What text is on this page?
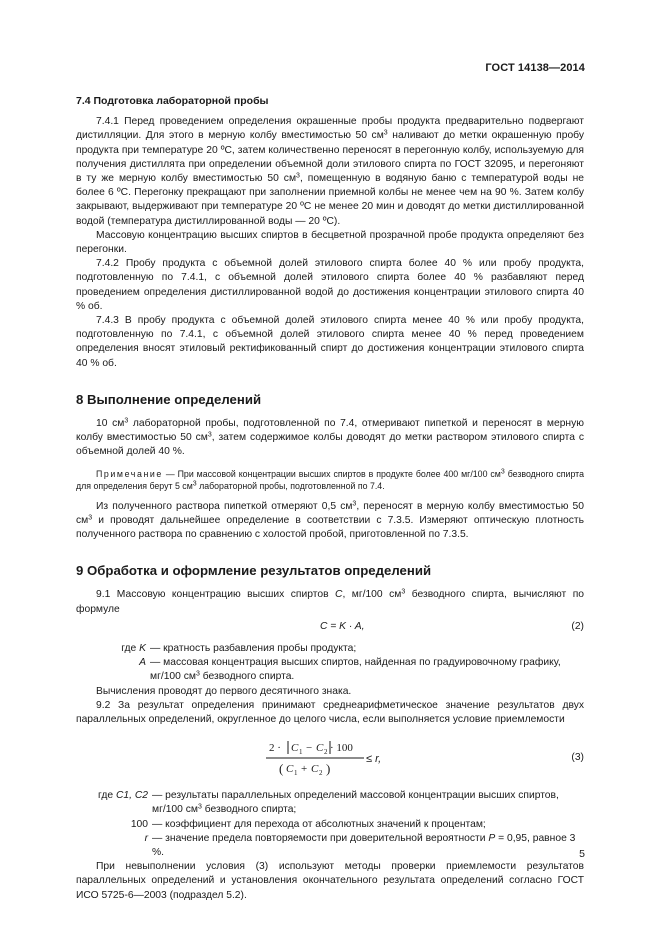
ГОСТ 14138—2014
7.4 Подготовка лабораторной пробы

7.4.1 Перед проведением определения окрашенные пробы продукта предварительно подвергают дистилляции. Для этого в мерную колбу вместимостью 50 $см^3$ наливают до метки окрашенную пробу продукта при температуре 20 ºС, затем количественно переносят в перегонную колбу, используемую для получения дистиллята при определении объемной доли этилового спирта по ГОСТ 32095, и перегоняют в ту же мерную колбу вместимостью 50 $см^3$, помещенную в водяную баню с температурой воды не более 6 ºС. Перегонку прекращают при заполнении приемной колбы не менее чем на 90 %. Затем колбу закрывают, выдерживают при температуре 20 ºС не менее 20 мин и доводят до метки дистиллированной водой (температура дистиллированной воды — 20 ºС).

Массовую концентрацию высших спиртов в бесцветной прозрачной пробе продукта определяют без перегонки.

7.4.2 Пробу продукта с объемной долей этилового спирта более 40 % или пробу продукта, подготовленную по 7.4.1, с объемной долей этилового спирта более 40 % разбавляют перед проведением определения дистиллированной водой до достижения концентрации этилового спирта 40 % об.

7.4.3 В пробу продукта с объемной долей этилового спирта менее 40 % или пробу продукта, подготовленную по 7.4.1, с объемной долей этилового спирта менее 40 % перед проведением определения вносят этиловый ректификованный спирт до достижения концентрации этилового спирта 40 % об.

8 Выполнение определений

10 $см^3$ лабораторной пробы, подготовленной по 7.4, отмеривают пипеткой и переносят в мерную колбу вместимостью 50 $см^3$, затем содержимое колбы доводят до метки раствором этилового спирта с объемной долей 40 %.

Примечание — При массовой концентрации высших спиртов в продукте более 400 мг/100 $см^3$ безводного спирта для определения берут 5 $см^3$ лабораторной пробы, подготовленной по 7.4.

Из полученного раствора пипеткой отмеряют 0,5 $см^3$, переносят в мерную колбу вместимостью 50 $см^3$ и проводят дальнейшее определение в соответствии с 7.3.5. Измеряют оптическую плотность полученного раствора по сравнению с холостой пробой, приготовленной по 7.3.5.

9 Обработка и оформление результатов определений

9.1 Массовую концентрацию высших спиртов C, мг/100 $см^3$ безводного спирта, вычисляют по формуле

C = K · A,	(2)
где K — кратность разбавления пробы продукта;
A — массовая концентрация высших спиртов, найденная по градуировочному графику, мг/100 $см^3$ безводного спирта.

Вычисления проводят до первого десятичного знака.

9.2 За результат определения принимают среднеарифметическое значение результатов двух параллельных определений, округленное до целого числа, если выполняется условие приемлемости

2 · C 1 − C 2 · 100
( C 1 + C 2 )
≤ r,	(3)
где C1, C2 — результаты параллельных определений массовой концентрации высших спиртов, мг/100 $см^3$ безводного спирта;
100 — коэффициент для перехода от абсолютных значений к процентам;
r — значение предела повторяемости при доверительной вероятности P = 0,95, равное 3 %.

При невыполнении условия (3) используют методы проверки приемлемости результатов параллельных определений и установления окончательного результата определений согласно ГОСТ ИСО 5725-6—2003 (подраздел 5.2).

5
